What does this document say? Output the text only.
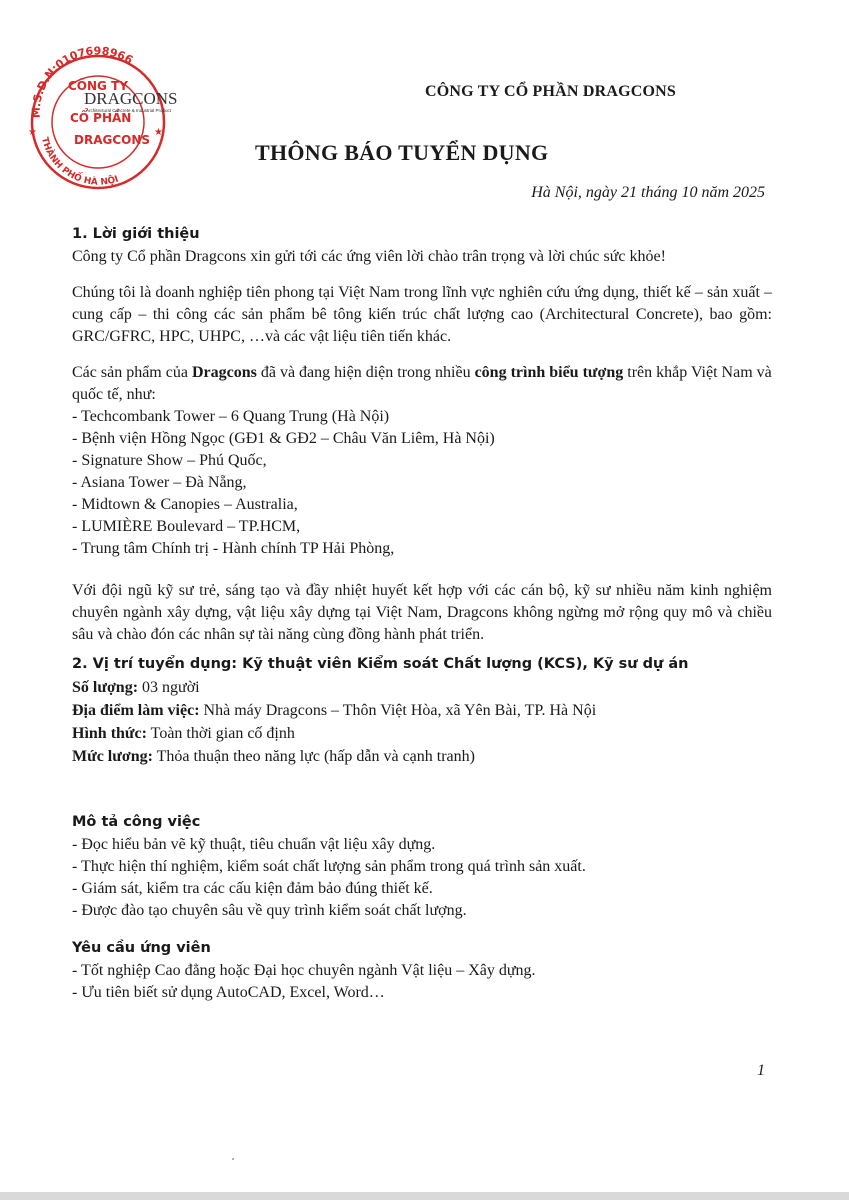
M.S.D.N:0107698966
THÀNH PHỐ HÀ NỘI
CÔNG TY
CỔ PHẦN
DRAGCONS
DRAGCONS
Architectural Concrete & Industrial Product
★	★
CÔNG TY CỔ PHẦN DRAGCONS
THÔNG BÁO TUYỂN DỤNG
Hà Nội, ngày 21 tháng 10 năm 2025
1. Lời giới thiệu

Công ty Cổ phần Dragcons xin gửi tới các ứng viên lời chào trân trọng và lời chúc sức khỏe!

Chúng tôi là doanh nghiệp tiên phong tại Việt Nam trong lĩnh vực nghiên cứu ứng dụng, thiết kế – sản xuất – cung cấp – thi công các sản phẩm bê tông kiến trúc chất lượng cao (Architectural Concrete), bao gồm: GRC/GFRC, HPC, UHPC, …và các vật liệu tiên tiến khác.

Các sản phẩm của Dragcons đã và đang hiện diện trong nhiều công trình biểu tượng trên khắp Việt Nam và quốc tế, như:

- Techcombank Tower – 6 Quang Trung (Hà Nội)

- Bệnh viện Hồng Ngọc (GĐ1 & GĐ2 – Châu Văn Liêm, Hà Nội)

- Signature Show – Phú Quốc,

- Asiana Tower – Đà Nẵng,

- Midtown & Canopies – Australia,

- LUMIÈRE Boulevard – TP.HCM,

- Trung tâm Chính trị - Hành chính TP Hải Phòng,

Với đội ngũ kỹ sư trẻ, sáng tạo và đầy nhiệt huyết kết hợp với các cán bộ, kỹ sư nhiều năm kinh nghiệm chuyên ngành xây dựng, vật liệu xây dựng tại Việt Nam, Dragcons không ngừng mở rộng quy mô và chiều sâu và chào đón các nhân sự tài năng cùng đồng hành phát triển.

2. Vị trí tuyển dụng: Kỹ thuật viên Kiểm soát Chất lượng (KCS), Kỹ sư dự án

Số lượng: 03 người

Địa điểm làm việc: Nhà máy Dragcons – Thôn Việt Hòa, xã Yên Bài, TP. Hà Nội

Hình thức: Toàn thời gian cố định

Mức lương: Thỏa thuận theo năng lực (hấp dẫn và cạnh tranh)

Mô tả công việc

- Đọc hiểu bản vẽ kỹ thuật, tiêu chuẩn vật liệu xây dựng.

- Thực hiện thí nghiệm, kiểm soát chất lượng sản phẩm trong quá trình sản xuất.

- Giám sát, kiểm tra các cấu kiện đảm bảo đúng thiết kế.

- Được đào tạo chuyên sâu về quy trình kiểm soát chất lượng.

Yêu cầu ứng viên

- Tốt nghiệp Cao đẳng hoặc Đại học chuyên ngành Vật liệu – Xây dựng.

- Ưu tiên biết sử dụng AutoCAD, Excel, Word…

1
